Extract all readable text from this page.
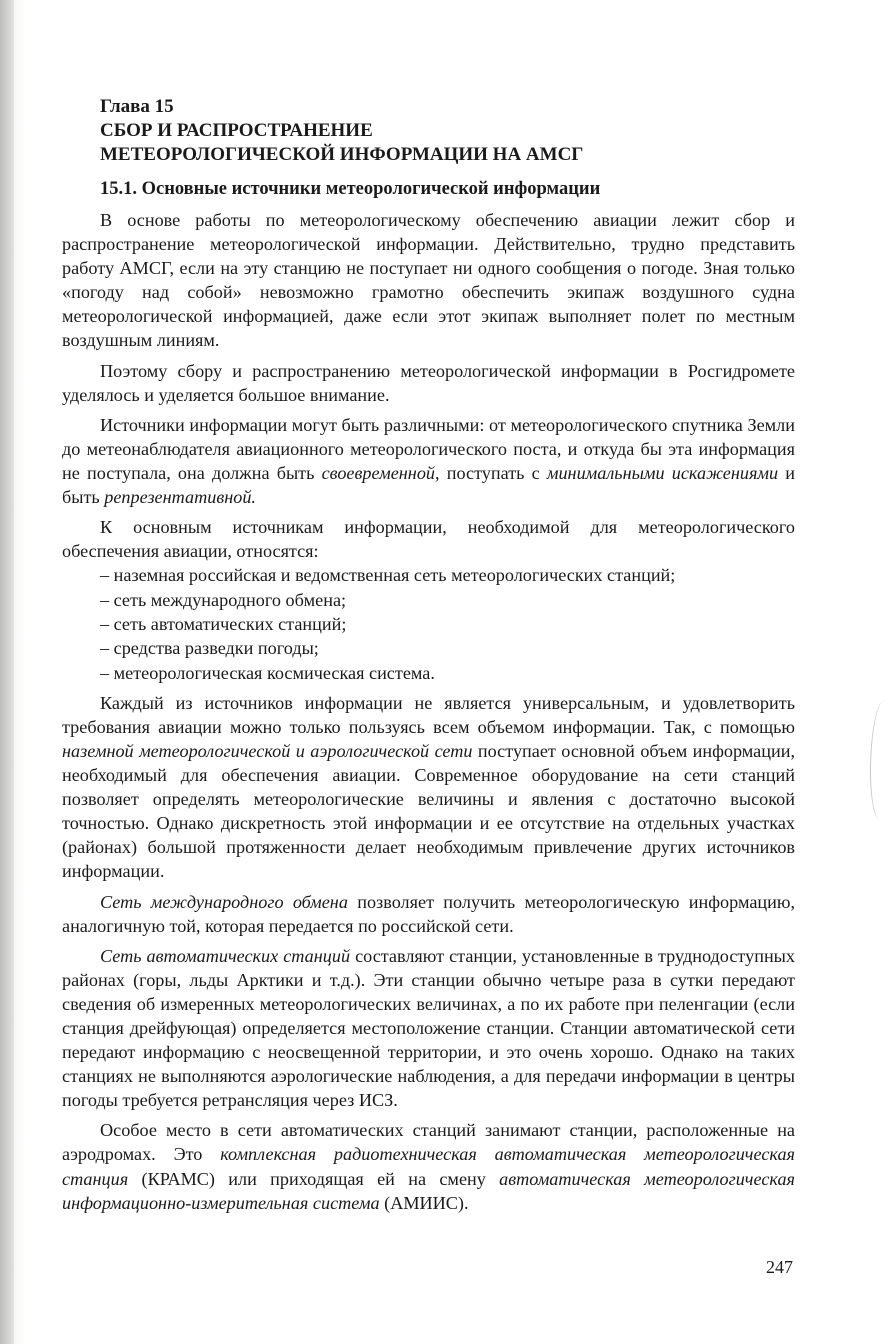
Глава 15
СБОР И РАСПРОСТРАНЕНИЕ
МЕТЕОРОЛОГИЧЕСКОЙ ИНФОРМАЦИИ НА АМСГ
15.1. Основные источники метеорологической информации

В основе работы по метеорологическому обеспечению авиации лежит сбор и распространение метеорологической информации. Действительно, трудно представить работу АМСГ, если на эту станцию не поступает ни одного сообщения о погоде. Зная только «погоду над собой» невозможно грамотно обеспечить экипаж воздушного судна метеорологической информацией, даже если этот экипаж выполняет полет по местным воздушным линиям.

Поэтому сбору и распространению метеорологической информации в Росгидромете уделялось и уделяется большое внимание.

Источники информации могут быть различными: от метеорологического спутника Земли до метеонаблюдателя авиационного метеорологического поста, и откуда бы эта информация не поступала, она должна быть своевременной, поступать с минимальными искажениями и быть репрезентативной.

К основным источникам информации, необходимой для метеорологического обеспечения авиации, относятся:

– наземная российская и ведомственная сеть метеорологических станций;
– сеть международного обмена;
– сеть автоматических станций;
– средства разведки погоды;
– метеорологическая космическая система.

Каждый из источников информации не является универсальным, и удовлетворить требования авиации можно только пользуясь всем объемом информации. Так, с помощью наземной метеорологической и аэрологической сети поступает основной объем информации, необходимый для обеспечения авиации. Современное оборудование на сети станций позволяет определять метеорологические величины и явления с достаточно высокой точностью. Однако дискретность этой информации и ее отсутствие на отдельных участках (районах) большой протяженности делает необходимым привлечение других источников информации.

Сеть международного обмена позволяет получить метеорологическую информацию, аналогичную той, которая передается по российской сети.

Сеть автоматических станций составляют станции, установленные в труднодоступных районах (горы, льды Арктики и т.д.). Эти станции обычно четыре раза в сутки передают сведения об измеренных метеорологических величинах, а по их работе при пеленгации (если станция дрейфующая) определяется местоположение станции. Станции автоматической сети передают информацию с неосвещенной территории, и это очень хорошо. Однако на таких станциях не выполняются аэрологические наблюдения, а для передачи информации в центры погоды требуется ретрансляция через ИСЗ.

Особое место в сети автоматических станций занимают станции, расположенные на аэродромах. Это комплексная радиотехническая автоматическая метеорологическая станция (КРАМС) или приходящая ей на смену автоматическая метеорологическая информационно-измерительная система (АМИИС).

247
